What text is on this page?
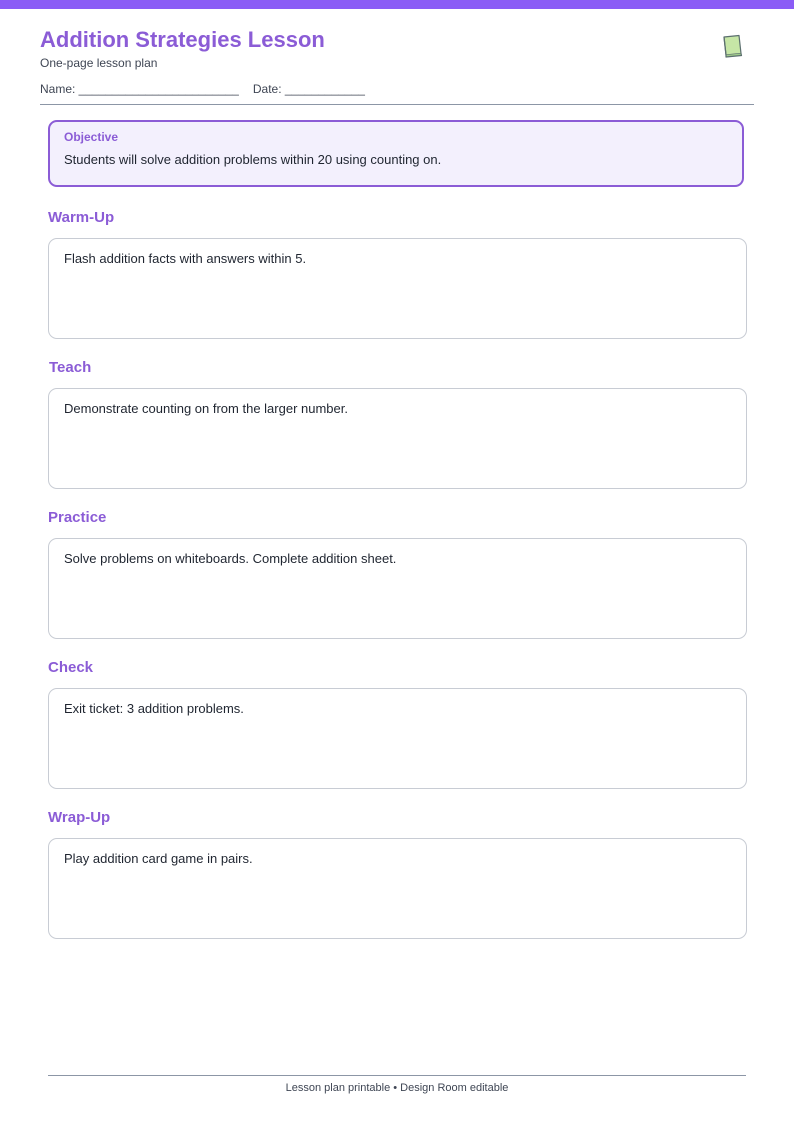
Addition Strategies Lesson
One-page lesson plan
Name: ________________________ Date: ____________
Objective
Students will solve addition problems within 20 using counting on.
Warm-Up
Flash addition facts with answers within 5.
Teach
Demonstrate counting on from the larger number.
Practice
Solve problems on whiteboards. Complete addition sheet.
Check
Exit ticket: 3 addition problems.
Wrap-Up
Play addition card game in pairs.
Lesson plan printable • Design Room editable
